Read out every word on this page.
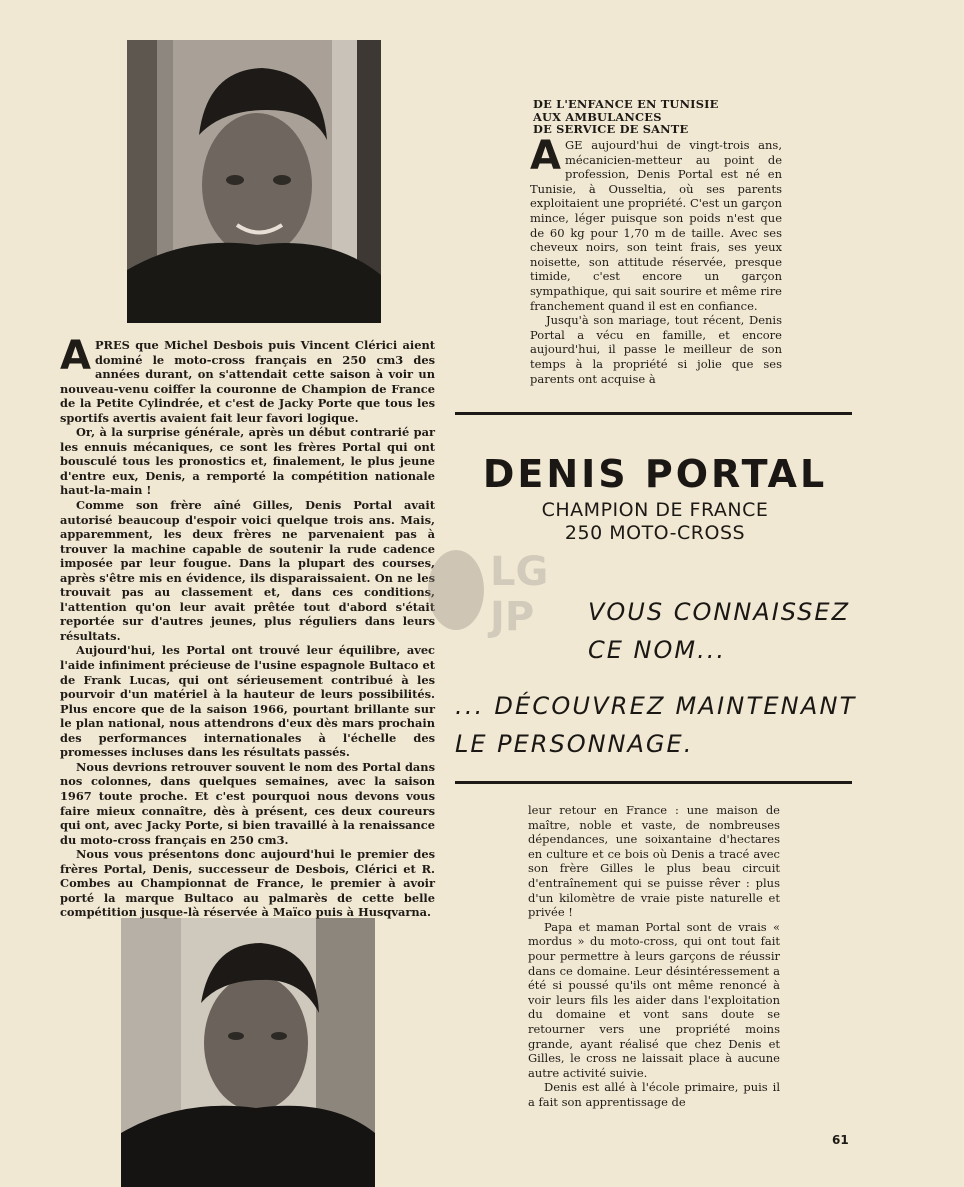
APRES que Michel Desbois puis Vincent Clérici aient dominé le moto-cross français en 250 cm3 des années durant, on s'attendait cette saison à voir un nouveau-venu coiffer la couronne de Champion de France de la Petite Cylindrée, et c'est de Jacky Porte que tous les sportifs avertis avaient fait leur favori logique.

Or, à la surprise générale, après un début contrarié par les ennuis mécaniques, ce sont les frères Portal qui ont bousculé tous les pronostics et, finalement, le plus jeune d'entre eux, Denis, a remporté la compétition nationale haut-la-main !

Comme son frère aîné Gilles, Denis Portal avait autorisé beaucoup d'espoir voici quelque trois ans. Mais, apparemment, les deux frères ne parvenaient pas à trouver la machine capable de soutenir la rude cadence imposée par leur fougue. Dans la plupart des courses, après s'être mis en évidence, ils disparaissaient. On ne les trouvait pas au classement et, dans ces conditions, l'attention qu'on leur avait prêtée tout d'abord s'était reportée sur d'autres jeunes, plus réguliers dans leurs résultats.

Aujourd'hui, les Portal ont trouvé leur équilibre, avec l'aide infiniment précieuse de l'usine espagnole Bultaco et de Frank Lucas, qui ont sérieusement contribué à les pourvoir d'un matériel à la hauteur de leurs possibilités. Plus encore que de la saison 1966, pourtant brillante sur le plan national, nous attendrons d'eux dès mars prochain des performances internationales à l'échelle des promesses incluses dans les résultats passés.

Nous devrions retrouver souvent le nom des Portal dans nos colonnes, dans quelques semaines, avec la saison 1967 toute proche. Et c'est pourquoi nous devons vous faire mieux connaître, dès à présent, ces deux coureurs qui ont, avec Jacky Porte, si bien travaillé à la renaissance du moto-cross français en 250 cm3.

Nous vous présentons donc aujourd'hui le premier des frères Portal, Denis, successeur de Desbois, Clérici et R. Combes au Championnat de France, le premier à avoir porté la marque Bultaco au palmarès de cette belle compétition jusque-là réservée à Maïco puis à Husqvarna.

DE L'ENFANCE EN TUNISIE
AUX AMBULANCES
DE SERVICE DE SANTE

AGE aujourd'hui de vingt-trois ans, mécanicien-metteur au point de profession, Denis Portal est né en Tunisie, à Ousseltia, où ses parents exploitaient une propriété. C'est un garçon mince, léger puisque son poids n'est que de 60 kg pour 1,70 m de taille. Avec ses cheveux noirs, son teint frais, ses yeux noisette, son attitude réservée, presque timide, c'est encore un garçon sympathique, qui sait sourire et même rire franchement quand il est en confiance.

Jusqu'à son mariage, tout récent, Denis Portal a vécu en famille, et encore aujourd'hui, il passe le meilleur de son temps à la propriété si jolie que ses parents ont acquise à

DENIS PORTAL
CHAMPION DE FRANCE
250 MOTO-CROSS
VOUS CONNAISSEZ
CE NOM...
... DÉCOUVREZ MAINTENANT
LE PERSONNAGE.
LG
JP

leur retour en France : une maison de maître, noble et vaste, de nombreuses dépendances, une soixantaine d'hectares en culture et ce bois où Denis a tracé avec son frère Gilles le plus beau circuit d'entraînement qui se puisse rêver : plus d'un kilomètre de vraie piste naturelle et privée !

Papa et maman Portal sont de vrais « mordus » du moto-cross, qui ont tout fait pour permettre à leurs garçons de réussir dans ce domaine. Leur désintéressement a été si poussé qu'ils ont même renoncé à voir leurs fils les aider dans l'exploitation du domaine et vont sans doute se retourner vers une propriété moins grande, ayant réalisé que chez Denis et Gilles, le cross ne laissait place à aucune autre activité suivie.

Denis est allé à l'école primaire, puis il a fait son apprentissage de

61
